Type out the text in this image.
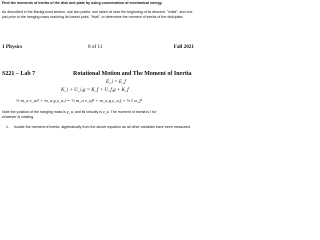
Find the moments of inertia of the disk and plate by using conservation of mechanical energy.

As described in the Background section, use two points: one taken at near the beginning of its descent, "initial", and one just prior to the hanging mass reaching its lowest point, "final", to determine the moment of inertia of the disk/plate.

1 Physics	8 of 11	Fall 2021
S221 – Lab 7	Rotational Motion and The Moment of Inertia
E_i = E_f
K_i + U_i,g = K_f + U_f,g + K_f
½ m_a v_ai² + m_a g y_a,i = ½ m_a v_af² + m_a g y_a,f + ½ I ω_f²

Note the position of the hanging mass is y_a, and its velocity is v_a. The moment of inertia is I for

whatever is rotating.

1. Isolate the moment of inertia, algebraically from the above equation as all other variables have been measured.
